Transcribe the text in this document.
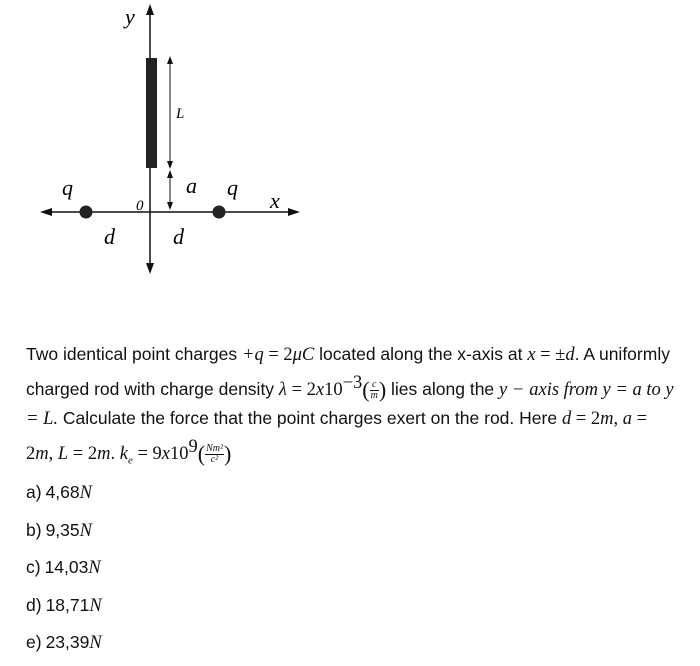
y
x
0
L
a
q	q
d	d

Two identical point charges +q = 2μC located along the x-axis at x = ±d. A uniformly charged rod with charge density $\lambda = 2x10^{-3}( \frac{c}{m}$ ) lies along the y − axis from y = a to y = L. Calculate the force that the point charges exert on the rod. Here d = 2m, a = 2m, L = 2m. $k_e = 9x10^9( \frac{\text{Nm²}}{\text{c²}}$ )

a) 4,68N
b) 9,35N
c) 14,03N
d) 18,71N
e) 23,39N
